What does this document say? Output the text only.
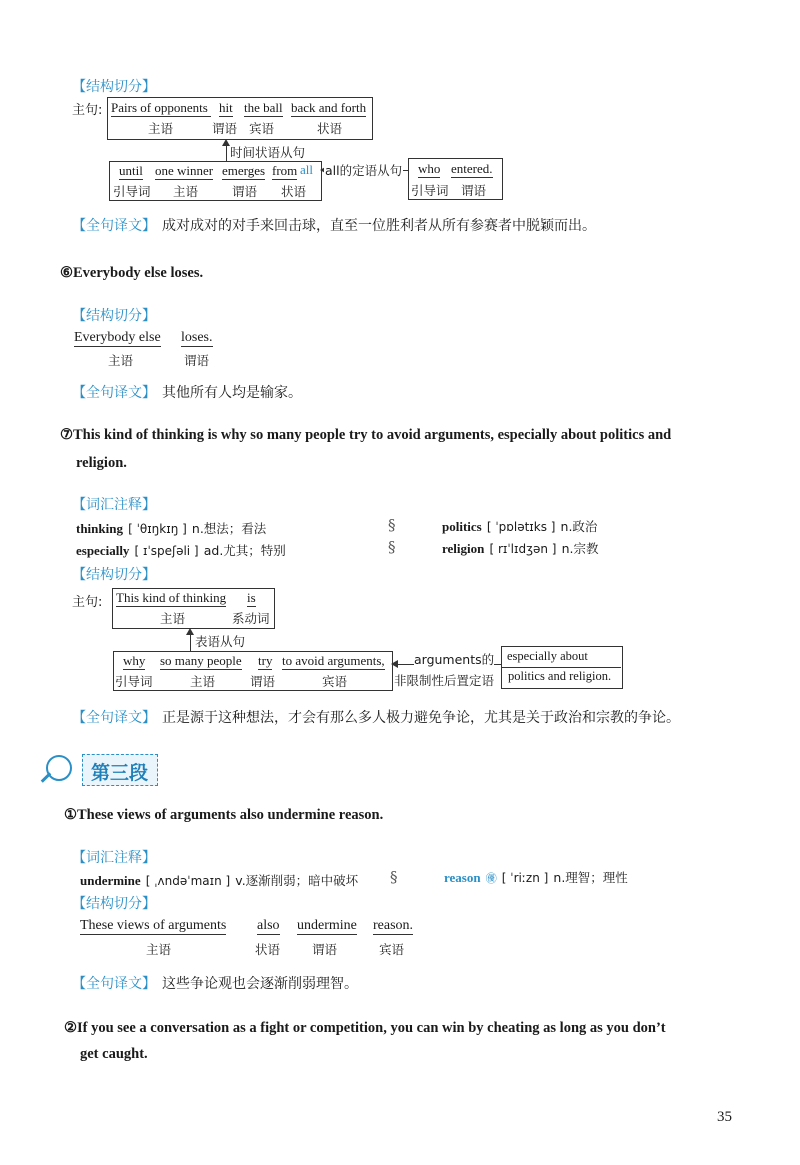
【结构切分】
主句: Pairs of opponents
主语
hit
谓语
the ball
宾语
back and forth
状语
时间状语从句
until
引导词
one winner
主语
emerges
谓语
from all
状语
all的定语从句 who
引导词
entered.
谓语
【全句译文】 成对成对的对手来回击球，直至一位胜利者从所有参赛者中脱颖而出。
⑥Everybody else loses.
【结构切分】
Everybody else
主语
loses.
谓语
【全句译文】 其他所有人均是输家。
⑦This kind of thinking is why so many people try to avoid arguments, especially about politics and
religion.
【词汇注释】
thinking [ ˈθɪŋkɪŋ ] n.想法；看法
especially [ ɪˈspeʃəli ] ad.尤其；特别
§
§
politics [ ˈpɒlətɪks ] n.政治
religion [ rɪˈlɪdʒən ] n.宗教
【结构切分】
主句: This kind of thinking
主语
is
系动词
表语从句
why
引导词
so many people
主语
try
谓语
to avoid arguments,
宾语
arguments的
非限制性后置定语
especially about
politics and religion.
【全句译文】 正是源于这种想法，才会有那么多人极力避免争论，尤其是关于政治和宗教的争论。
第三段
①These views of arguments also undermine reason.
【词汇注释】
undermine [ ˌʌndəˈmaɪn ] v.逐渐削弱；暗中破坏 §	reason ㊝ [ ˈriːzn ] n.理智；理性
【结构切分】
These views of arguments
主语
also
状语
undermine
谓语
reason.
宾语
【全句译文】 这些争论观也会逐渐削弱理智。
②If you see a conversation as a fight or competition, you can win by cheating as long as you don’t
get caught.
35
